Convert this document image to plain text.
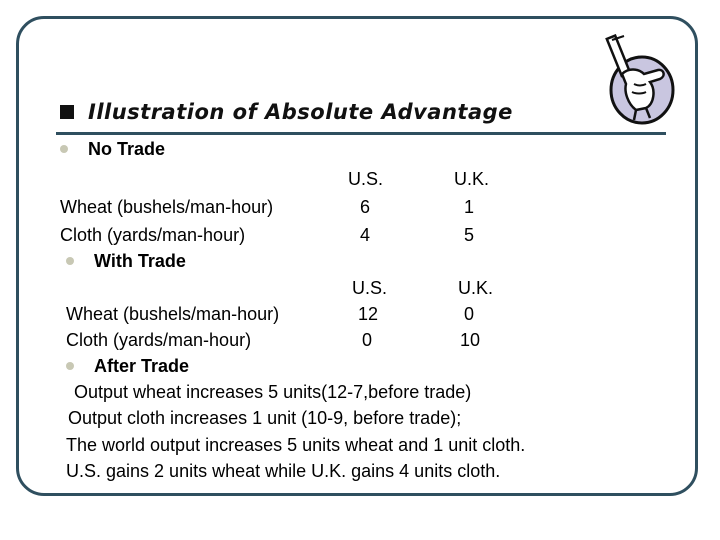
Illustration of Absolute Advantage
No Trade
U.S.	U.K.
Wheat (bushels/man-hour)	6	1
Cloth (yards/man-hour)	4	5
With Trade
U.S.	U.K.
Wheat (bushels/man-hour)	12	0
Cloth (yards/man-hour)	0	10
After Trade
Output wheat increases 5 units(12-7,before trade)
Output cloth increases 1 unit (10-9, before trade);
The world output increases 5 units wheat and 1 unit cloth.
U.S. gains 2 units wheat while U.K. gains 4 units cloth.
